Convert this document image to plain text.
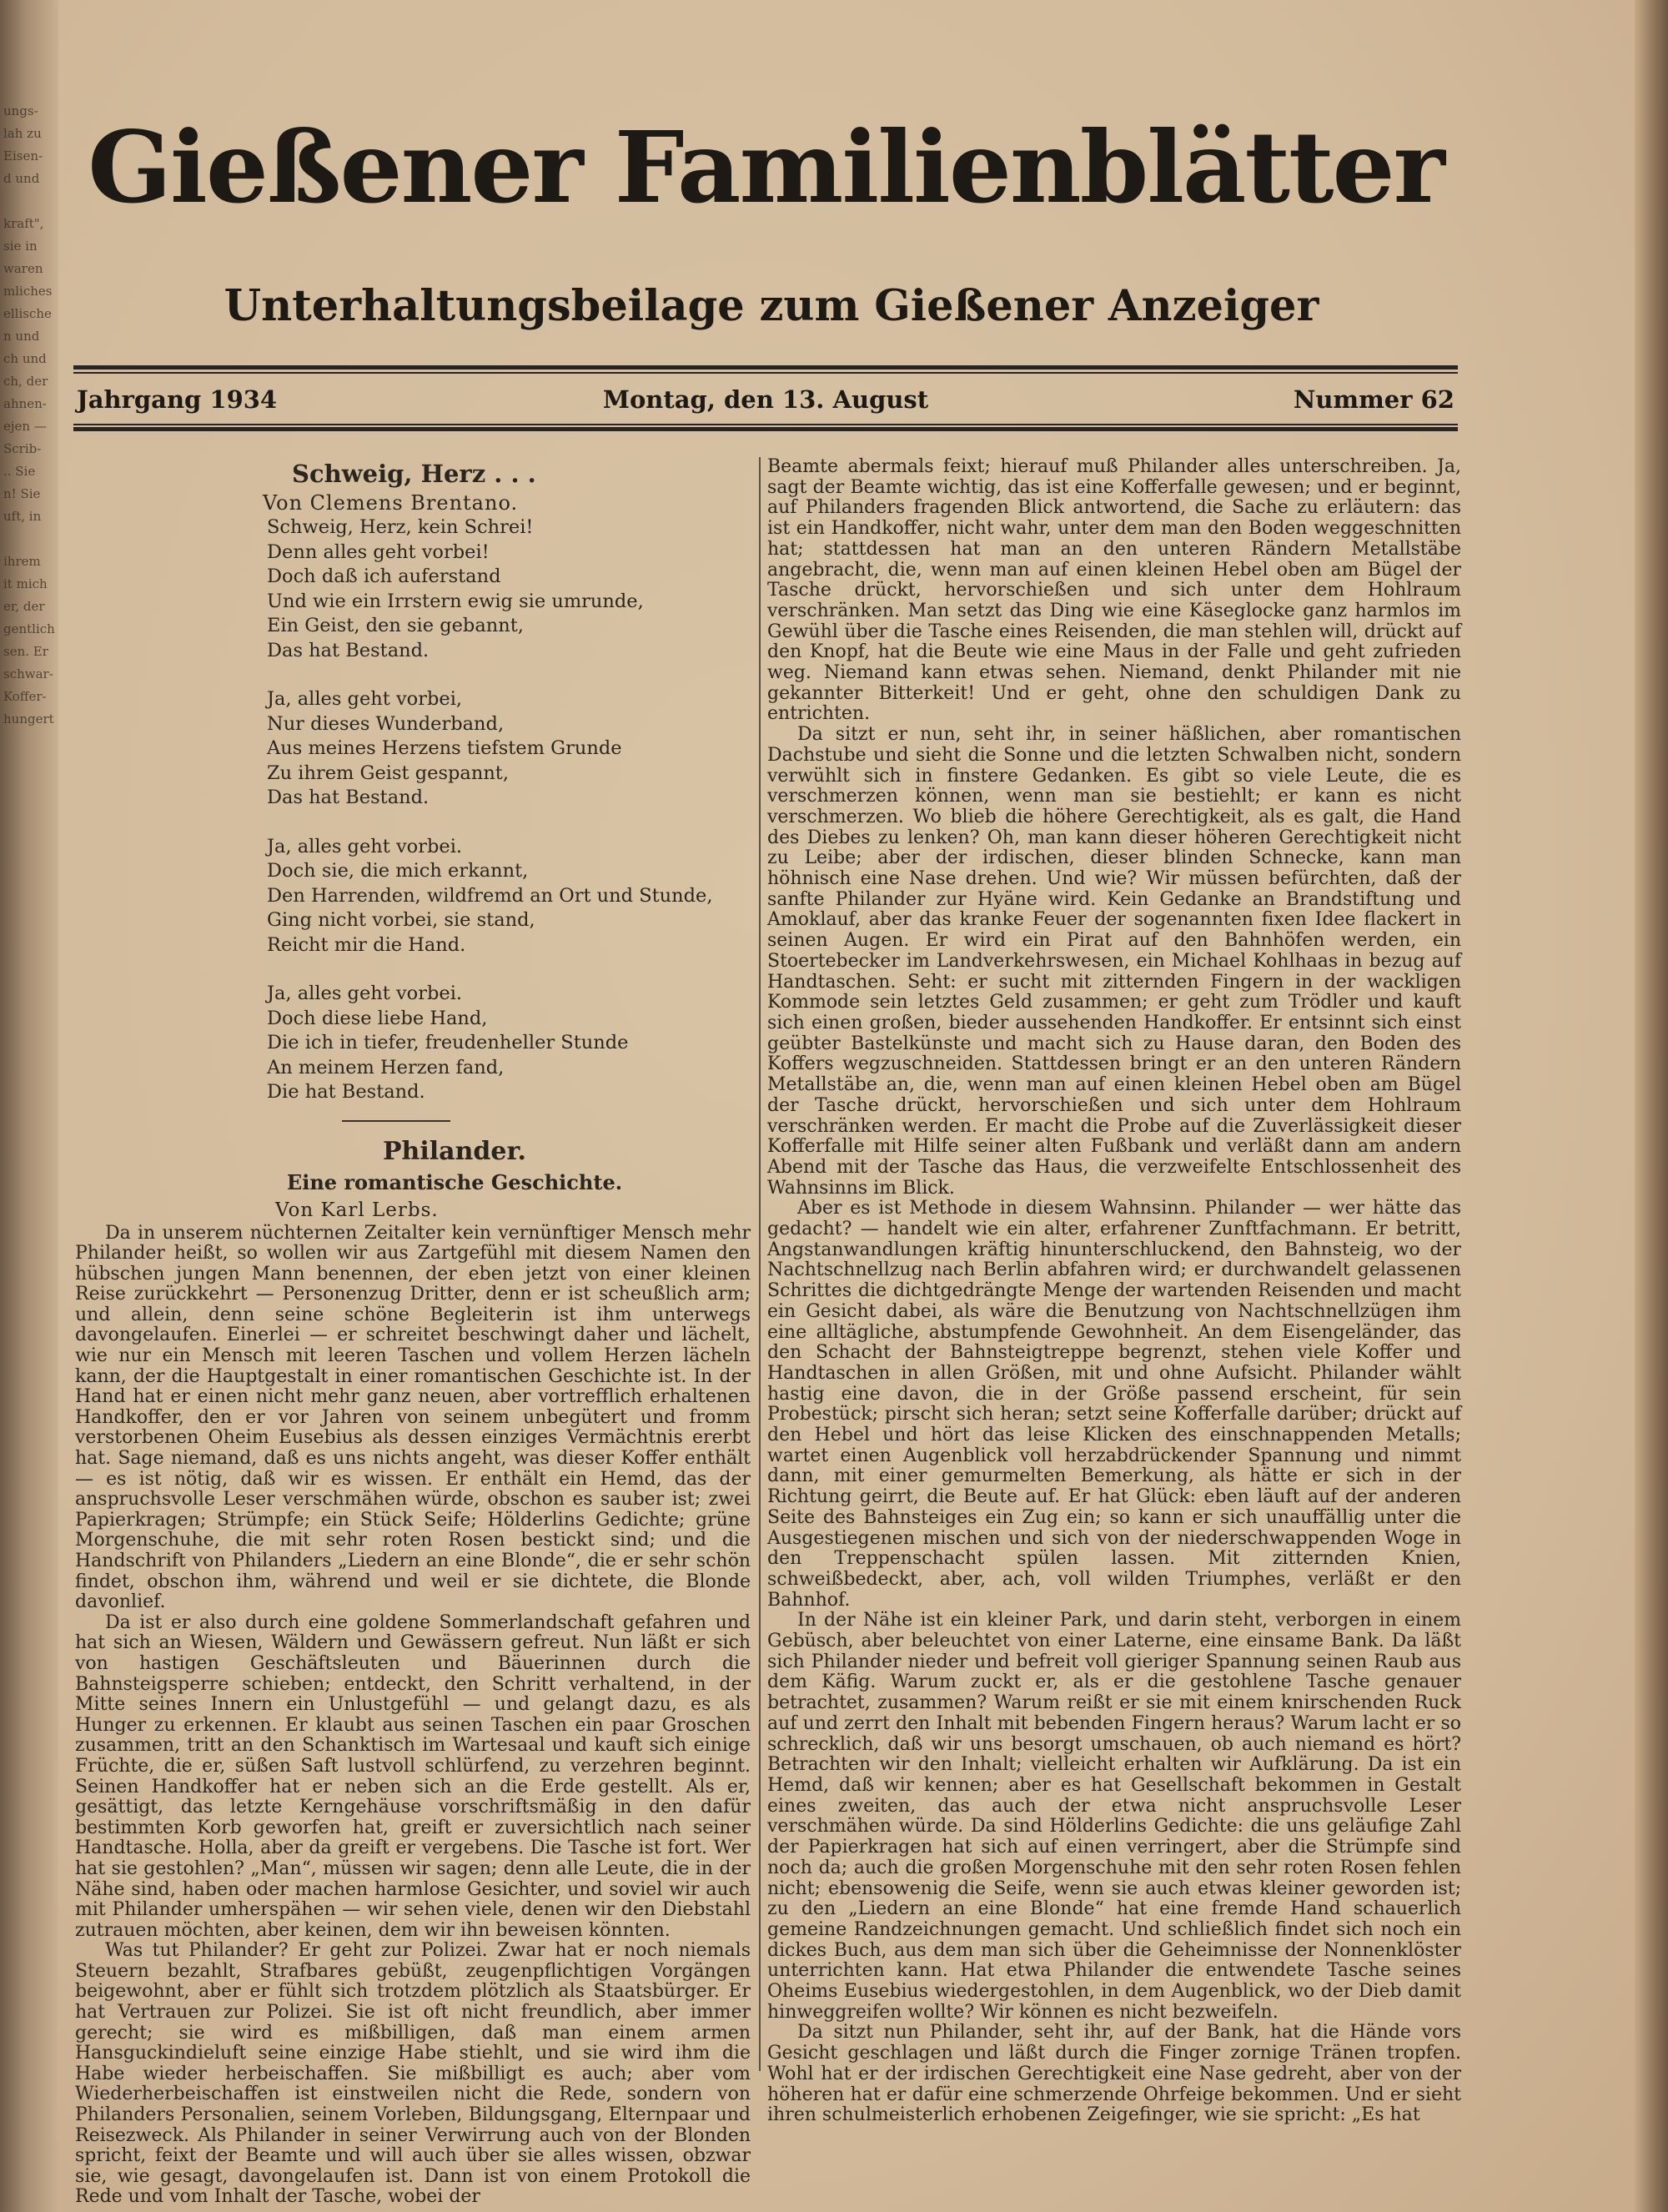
ungs-
lah zu
Eisen-
d und

kraft",
sie in
waren
mliches
ellische
n und
ch und
ch, der
ahnen-
ejen —
Scrib-
.. Sie
n! Sie
uft, in

ihrem
it mich
er, der
gentlich
sen. Er
schwar-
Koffer-
hungert
Gießener Familienblätter
Unterhaltungsbeilage zum Gießener Anzeiger
Jahrgang 1934	Montag, den 13. August	Nummer 62
Schweig, Herz . . .
Von Clemens Brentano.
Schweig, Herz, kein Schrei!
Denn alles geht vorbei!
Doch daß ich auferstand
Und wie ein Irrstern ewig sie umrunde,
Ein Geist, den sie gebannt,
Das hat Bestand.
Ja, alles geht vorbei,
Nur dieses Wunderband,
Aus meines Herzens tiefstem Grunde
Zu ihrem Geist gespannt,
Das hat Bestand.
Ja, alles geht vorbei.
Doch sie, die mich erkannt,
Den Harrenden, wildfremd an Ort und Stunde,
Ging nicht vorbei, sie stand,
Reicht mir die Hand.
Ja, alles geht vorbei.
Doch diese liebe Hand,
Die ich in tiefer, freudenheller Stunde
An meinem Herzen fand,
Die hat Bestand.
Philander.
Eine romantische Geschichte.
Von Karl Lerbs.

Da in unserem nüchternen Zeitalter kein vernünftiger Mensch mehr Philander heißt, so wollen wir aus Zartgefühl mit diesem Namen den hübschen jungen Mann benennen, der eben jetzt von einer kleinen Reise zurückkehrt — Personenzug Dritter, denn er ist scheußlich arm; und allein, denn seine schöne Begleiterin ist ihm unterwegs davongelaufen. Einerlei — er schreitet beschwingt daher und lächelt, wie nur ein Mensch mit leeren Taschen und vollem Herzen lächeln kann, der die Hauptgestalt in einer romantischen Geschichte ist. In der Hand hat er einen nicht mehr ganz neuen, aber vortrefflich erhaltenen Handkoffer, den er vor Jahren von seinem unbegütert und fromm verstorbenen Oheim Eusebius als dessen einziges Vermächtnis ererbt hat. Sage niemand, daß es uns nichts angeht, was dieser Koffer enthält — es ist nötig, daß wir es wissen. Er enthält ein Hemd, das der anspruchsvolle Leser verschmähen würde, obschon es sauber ist; zwei Papierkragen; Strümpfe; ein Stück Seife; Hölderlins Gedichte; grüne Morgenschuhe, die mit sehr roten Rosen bestickt sind; und die Handschrift von Philanders „Liedern an eine Blonde“, die er sehr schön findet, obschon ihm, während und weil er sie dichtete, die Blonde davonlief.

Da ist er also durch eine goldene Sommerlandschaft gefahren und hat sich an Wiesen, Wäldern und Gewässern gefreut. Nun läßt er sich von hastigen Geschäftsleuten und Bäuerinnen durch die Bahnsteigsperre schieben; entdeckt, den Schritt verhaltend, in der Mitte seines Innern ein Unlustgefühl — und gelangt dazu, es als Hunger zu erkennen. Er klaubt aus seinen Taschen ein paar Groschen zusammen, tritt an den Schanktisch im Wartesaal und kauft sich einige Früchte, die er, süßen Saft lustvoll schlürfend, zu verzehren beginnt. Seinen Handkoffer hat er neben sich an die Erde gestellt. Als er, gesättigt, das letzte Kerngehäuse vorschriftsmäßig in den dafür bestimmten Korb geworfen hat, greift er zuversichtlich nach seiner Handtasche. Holla, aber da greift er vergebens. Die Tasche ist fort. Wer hat sie gestohlen? „Man“, müssen wir sagen; denn alle Leute, die in der Nähe sind, haben oder machen harmlose Gesichter, und soviel wir auch mit Philander umherspähen — wir sehen viele, denen wir den Diebstahl zutrauen möchten, aber keinen, dem wir ihn beweisen könnten.

Was tut Philander? Er geht zur Polizei. Zwar hat er noch niemals Steuern bezahlt, Strafbares gebüßt, zeugenpflichtigen Vorgängen beigewohnt, aber er fühlt sich trotzdem plötzlich als Staatsbürger. Er hat Vertrauen zur Polizei. Sie ist oft nicht freundlich, aber immer gerecht; sie wird es mißbilligen, daß man einem armen Hansguckindieluft seine einzige Habe stiehlt, und sie wird ihm die Habe wieder herbeischaffen. Sie mißbilligt es auch; aber vom Wiederherbeischaffen ist einstweilen nicht die Rede, sondern von Philanders Personalien, seinem Vorleben, Bildungsgang, Elternpaar und Reisezweck. Als Philander in seiner Verwirrung auch von der Blonden spricht, feixt der Beamte und will auch über sie alles wissen, obzwar sie, wie gesagt, davongelaufen ist. Dann ist von einem Protokoll die Rede und vom Inhalt der Tasche, wobei der

Beamte abermals feixt; hierauf muß Philander alles unterschreiben. Ja, sagt der Beamte wichtig, das ist eine Kofferfalle gewesen; und er beginnt, auf Philanders fragenden Blick antwortend, die Sache zu erläutern: das ist ein Handkoffer, nicht wahr, unter dem man den Boden weggeschnitten hat; stattdessen hat man an den unteren Rändern Metallstäbe angebracht, die, wenn man auf einen kleinen Hebel oben am Bügel der Tasche drückt, hervorschießen und sich unter dem Hohlraum verschränken. Man setzt das Ding wie eine Käseglocke ganz harmlos im Gewühl über die Tasche eines Reisenden, die man stehlen will, drückt auf den Knopf, hat die Beute wie eine Maus in der Falle und geht zufrieden weg. Niemand kann etwas sehen. Niemand, denkt Philander mit nie gekannter Bitterkeit! Und er geht, ohne den schuldigen Dank zu entrichten.

Da sitzt er nun, seht ihr, in seiner häßlichen, aber romantischen Dachstube und sieht die Sonne und die letzten Schwalben nicht, sondern verwühlt sich in finstere Gedanken. Es gibt so viele Leute, die es verschmerzen können, wenn man sie bestiehlt; er kann es nicht verschmerzen. Wo blieb die höhere Gerechtigkeit, als es galt, die Hand des Diebes zu lenken? Oh, man kann dieser höheren Gerechtigkeit nicht zu Leibe; aber der irdischen, dieser blinden Schnecke, kann man höhnisch eine Nase drehen. Und wie? Wir müssen befürchten, daß der sanfte Philander zur Hyäne wird. Kein Gedanke an Brandstiftung und Amoklauf, aber das kranke Feuer der sogenannten fixen Idee flackert in seinen Augen. Er wird ein Pirat auf den Bahnhöfen werden, ein Stoertebecker im Landverkehrswesen, ein Michael Kohlhaas in bezug auf Handtaschen. Seht: er sucht mit zitternden Fingern in der wackligen Kommode sein letztes Geld zusammen; er geht zum Trödler und kauft sich einen großen, bieder aussehenden Handkoffer. Er entsinnt sich einst geübter Bastelkünste und macht sich zu Hause daran, den Boden des Koffers wegzuschneiden. Stattdessen bringt er an den unteren Rändern Metallstäbe an, die, wenn man auf einen kleinen Hebel oben am Bügel der Tasche drückt, hervorschießen und sich unter dem Hohlraum verschränken werden. Er macht die Probe auf die Zuverlässigkeit dieser Kofferfalle mit Hilfe seiner alten Fußbank und verläßt dann am andern Abend mit der Tasche das Haus, die verzweifelte Entschlossenheit des Wahnsinns im Blick.

Aber es ist Methode in diesem Wahnsinn. Philander — wer hätte das gedacht? — handelt wie ein alter, erfahrener Zunftfachmann. Er betritt, Angstanwandlungen kräftig hinunterschluckend, den Bahnsteig, wo der Nachtschnellzug nach Berlin abfahren wird; er durchwandelt gelassenen Schrittes die dichtgedrängte Menge der wartenden Reisenden und macht ein Gesicht dabei, als wäre die Benutzung von Nachtschnellzügen ihm eine alltägliche, abstumpfende Gewohnheit. An dem Eisengeländer, das den Schacht der Bahnsteigtreppe begrenzt, stehen viele Koffer und Handtaschen in allen Größen, mit und ohne Aufsicht. Philander wählt hastig eine davon, die in der Größe passend erscheint, für sein Probestück; pirscht sich heran; setzt seine Kofferfalle darüber; drückt auf den Hebel und hört das leise Klicken des einschnappenden Metalls; wartet einen Augenblick voll herzabdrückender Spannung und nimmt dann, mit einer gemurmelten Bemerkung, als hätte er sich in der Richtung geirrt, die Beute auf. Er hat Glück: eben läuft auf der anderen Seite des Bahnsteiges ein Zug ein; so kann er sich unauffällig unter die Ausgestiegenen mischen und sich von der niederschwappenden Woge in den Treppenschacht spülen lassen. Mit zitternden Knien, schweißbedeckt, aber, ach, voll wilden Triumphes, verläßt er den Bahnhof.

In der Nähe ist ein kleiner Park, und darin steht, verborgen in einem Gebüsch, aber beleuchtet von einer Laterne, eine einsame Bank. Da läßt sich Philander nieder und befreit voll gieriger Spannung seinen Raub aus dem Käfig. Warum zuckt er, als er die gestohlene Tasche genauer betrachtet, zusammen? Warum reißt er sie mit einem knirschenden Ruck auf und zerrt den Inhalt mit bebenden Fingern heraus? Warum lacht er so schrecklich, daß wir uns besorgt umschauen, ob auch niemand es hört? Betrachten wir den Inhalt; vielleicht erhalten wir Aufklärung. Da ist ein Hemd, daß wir kennen; aber es hat Gesellschaft bekommen in Gestalt eines zweiten, das auch der etwa nicht anspruchsvolle Leser verschmähen würde. Da sind Hölderlins Gedichte: die uns geläufige Zahl der Papierkragen hat sich auf einen verringert, aber die Strümpfe sind noch da; auch die großen Morgenschuhe mit den sehr roten Rosen fehlen nicht; ebensowenig die Seife, wenn sie auch etwas kleiner geworden ist; zu den „Liedern an eine Blonde“ hat eine fremde Hand schauerlich gemeine Randzeichnungen gemacht. Und schließlich findet sich noch ein dickes Buch, aus dem man sich über die Geheimnisse der Nonnenklöster unterrichten kann. Hat etwa Philander die entwendete Tasche seines Oheims Eusebius wiedergestohlen, in dem Augenblick, wo der Dieb damit hinweggreifen wollte? Wir können es nicht bezweifeln.

Da sitzt nun Philander, seht ihr, auf der Bank, hat die Hände vors Gesicht geschlagen und läßt durch die Finger zornige Tränen tropfen. Wohl hat er der irdischen Gerechtigkeit eine Nase gedreht, aber von der höheren hat er dafür eine schmerzende Ohrfeige bekommen. Und er sieht ihren schulmeisterlich erhobenen Zeigefinger, wie sie spricht: „Es hat
